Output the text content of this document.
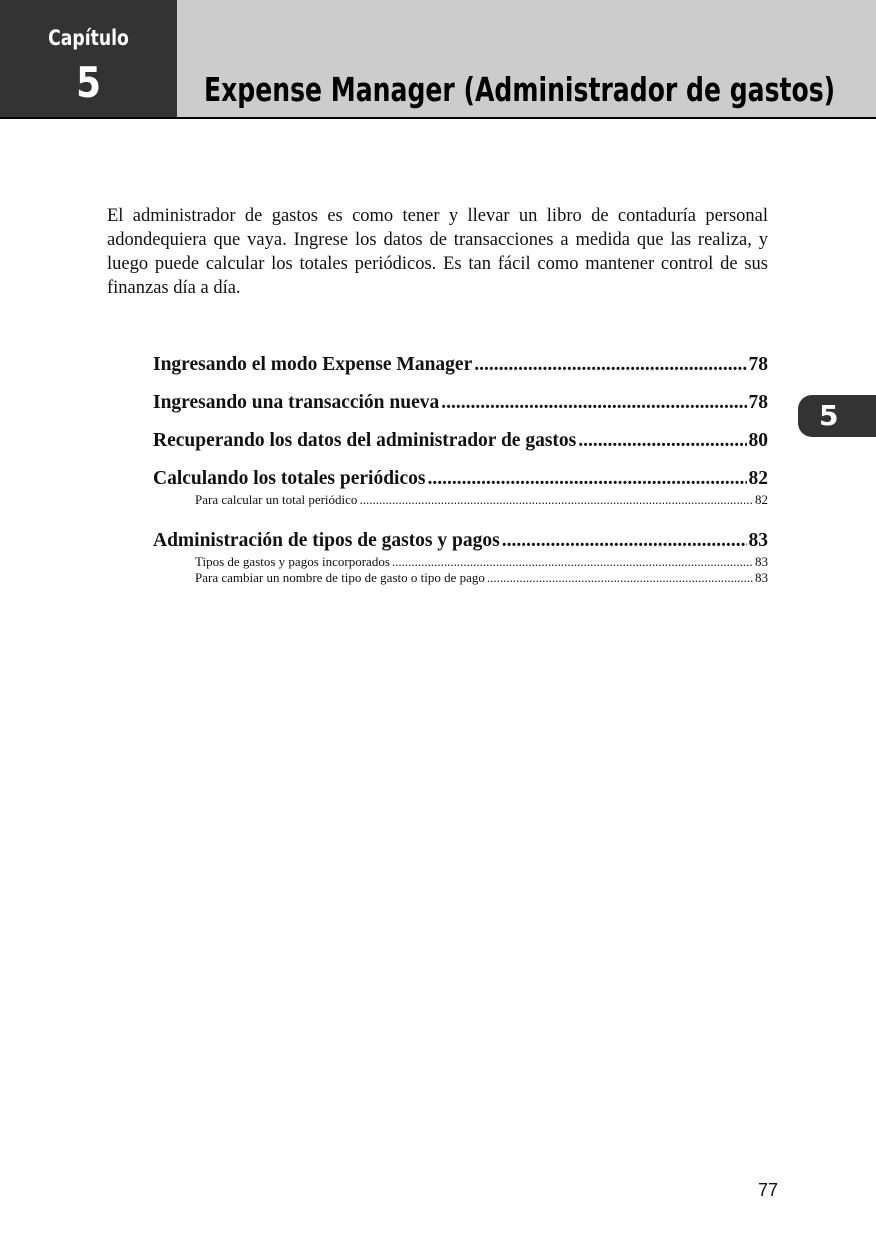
Capítulo
5	Expense Manager (Administrador de gastos)
El administrador de gastos es como tener y llevar un libro de contaduría personal adondequiera que vaya. Ingrese los datos de transacciones a medida que las realiza, y luego puede calcular los totales periódicos. Es tan fácil como mantener control de sus finanzas día a día.
Ingresando el modo Expense Manager .....	78
Ingresando una transacción nueva .....	78
Recuperando los datos del administrador de gastos .....	80
Calculando los totales periódicos .....	82
Para calcular un total periódico .....	82
Administración de tipos de gastos y pagos .....	83
Tipos de gastos y pagos incorporados .....	83
Para cambiar un nombre de tipo de gasto o tipo de pago .....	83
5
77
